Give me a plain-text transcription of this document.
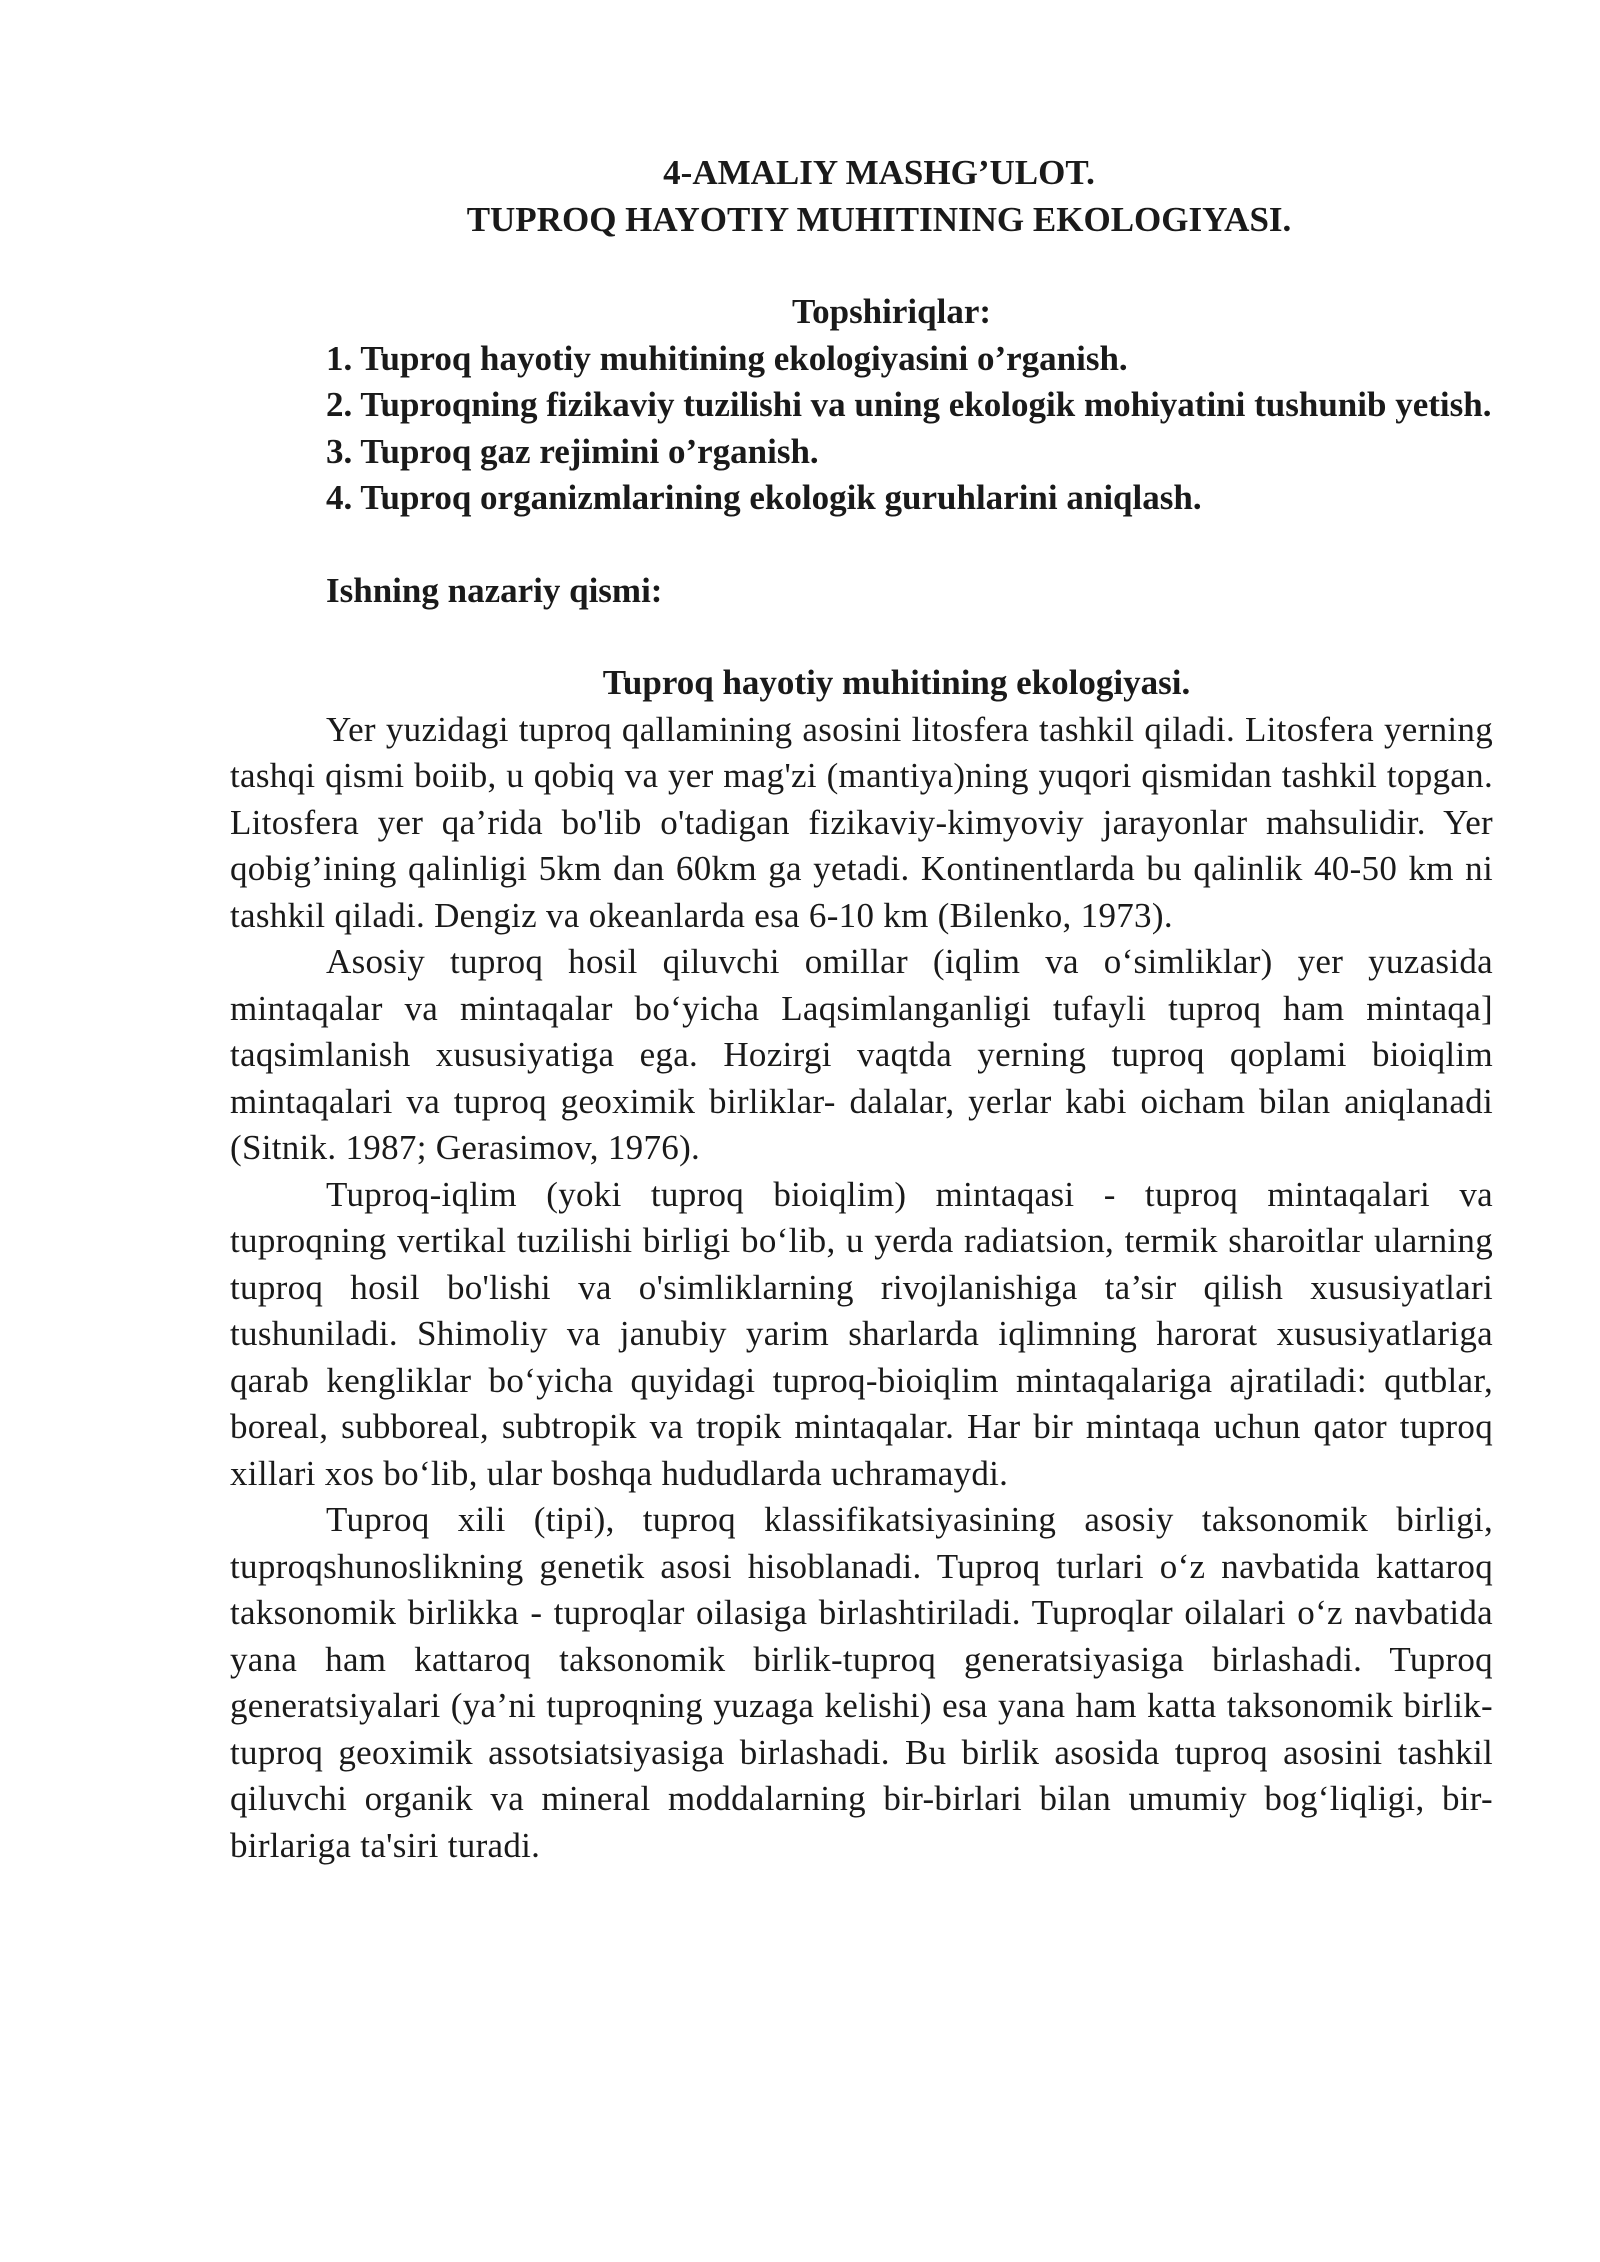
4-AMALIY MASHG’ULOT.
TUPROQ HAYOTIY MUHITINING EKOLOGIYASI.
Topshiriqlar:
1. Tuproq hayotiy muhitining ekologiyasini o’rganish.
2. Tuproqning fizikaviy tuzilishi va uning ekologik mohiyatini tushunib yetish.
3. Tuproq gaz rejimini o’rganish.
4. Tuproq organizmlarining ekologik guruhlarini aniqlash.
Ishning nazariy qismi:
Tuproq hayotiy muhitining ekologiyasi.

Yer yuzidagi tuproq qallamining asosini litosfera tashkil qiladi. Litosfera yerning tashqi qismi boiib, u qobiq va yer mag'zi (mantiya)ning yuqori qismidan tashkil topgan. Litosfera yer qa’rida bo'lib o'tadigan fizikaviy-kimyoviy jarayonlar mahsulidir. Yer qobig’ining qalinligi 5km dan 60km ga yetadi. Kontinentlarda bu qalinlik 40-50 km ni tashkil qiladi. Dengiz va okeanlarda esa 6-10 km (Bilenko, 1973).

Asosiy tuproq hosil qiluvchi omillar (iqlim va o‘simliklar) yer yuzasida mintaqalar va mintaqalar bo‘yicha Laqsimlanganligi tufayli tuproq ham mintaqa] taqsimlanish xususiyatiga ega. Hozirgi vaqtda yerning tuproq qoplami bioiqlim mintaqalari va tuproq geoximik birliklar- dalalar, yerlar kabi oicham bilan aniqlanadi (Sitnik. 1987; Gerasimov, 1976).

Tuproq-iqlim (yoki tuproq bioiqlim) mintaqasi - tuproq mintaqalari va tuproqning vertikal tuzilishi birligi bo‘lib, u yerda radiatsion, termik sharoitlar ularning tuproq hosil bo'lishi va o'simliklarning rivojlanishiga ta’sir qilish xususiyatlari tushuniladi. Shimoliy va janubiy yarim sharlarda iqlimning harorat xususiyatlariga qarab kengliklar bo‘yicha quyidagi tuproq-bioiqlim mintaqalariga ajratiladi: qutblar, boreal, subboreal, subtropik va tropik mintaqalar. Har bir mintaqa uchun qator tuproq xillari xos bo‘lib, ular boshqa hududlarda uchramaydi.

Tuproq xili (tipi), tuproq klassifikatsiyasining asosiy taksonomik birligi, tuproqshunoslikning genetik asosi hisoblanadi. Tuproq turlari o‘z navbatida kattaroq taksonomik birlikka - tuproqlar oilasiga birlashtiriladi. Tuproqlar oilalari o‘z navbatida yana ham kattaroq taksonomik birlik-tuproq generatsiyasiga birlashadi. Tuproq generatsiyalari (ya’ni tuproqning yuzaga kelishi) esa yana ham katta taksonomik birlik-tuproq geoximik assotsiatsiyasiga birlashadi. Bu birlik asosida tuproq asosini tashkil qiluvchi organik va mineral moddalarning bir-birlari bilan umumiy bog‘liqligi, bir-birlariga ta'siri turadi.
